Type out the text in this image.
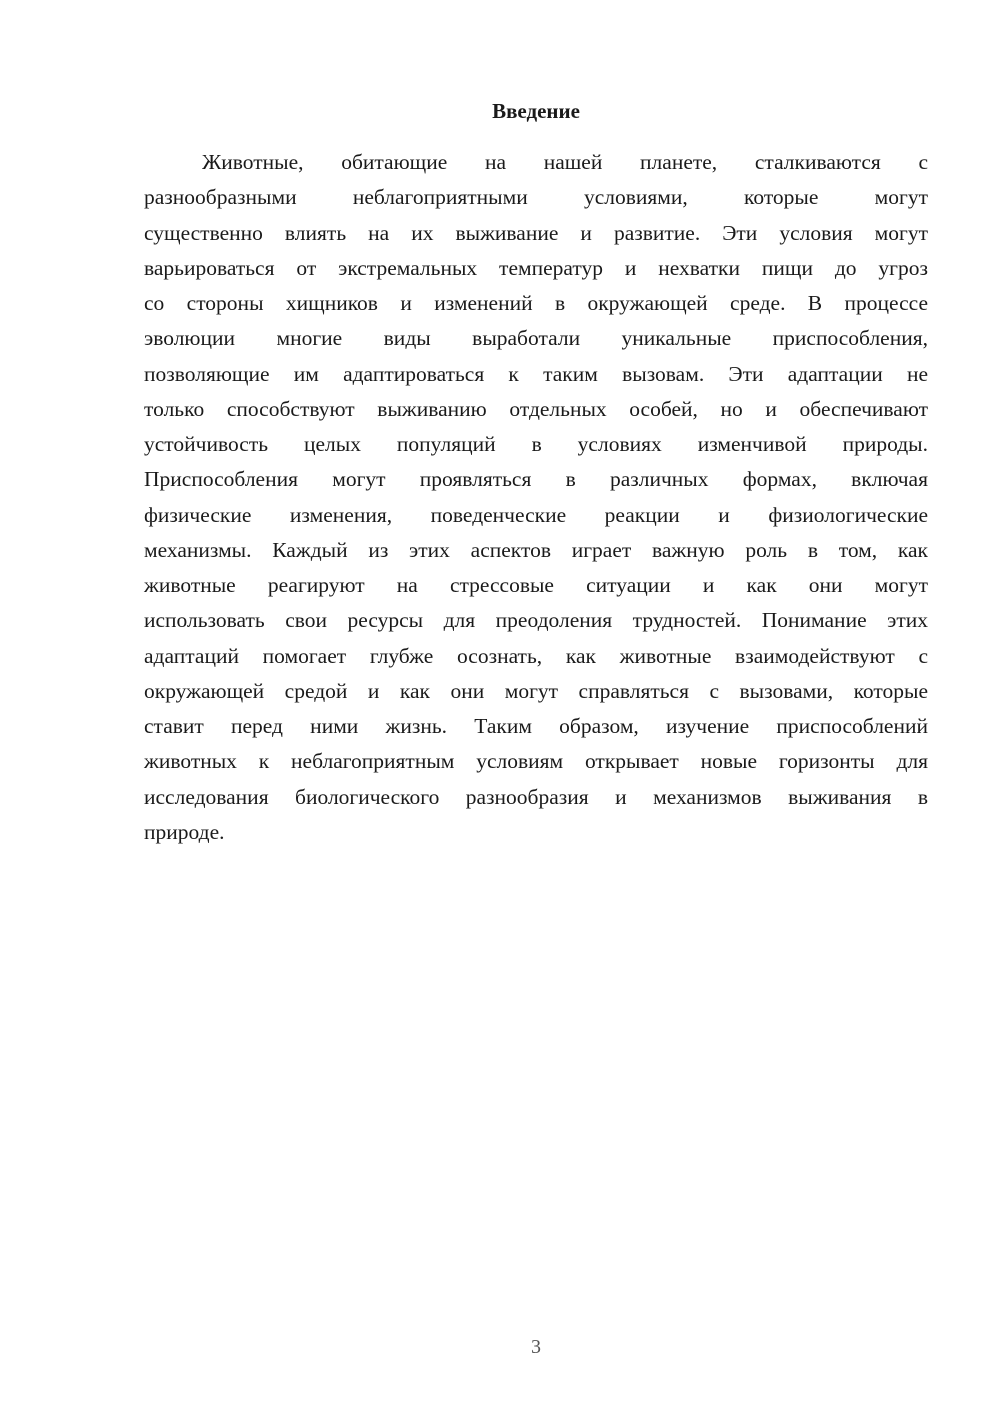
Введение
Животные, обитающие на нашей планете, сталкиваются с
разнообразными неблагоприятными условиями, которые могут
существенно влиять на их выживание и развитие. Эти условия могут
варьироваться от экстремальных температур и нехватки пищи до угроз
со стороны хищников и изменений в окружающей среде. В процессе
эволюции многие виды выработали уникальные приспособления,
позволяющие им адаптироваться к таким вызовам. Эти адаптации не
только способствуют выживанию отдельных особей, но и обеспечивают
устойчивость целых популяций в условиях изменчивой природы.
Приспособления могут проявляться в различных формах, включая
физические изменения, поведенческие реакции и физиологические
механизмы. Каждый из этих аспектов играет важную роль в том, как
животные реагируют на стрессовые ситуации и как они могут
использовать свои ресурсы для преодоления трудностей. Понимание этих
адаптаций помогает глубже осознать, как животные взаимодействуют с
окружающей средой и как они могут справляться с вызовами, которые
ставит перед ними жизнь. Таким образом, изучение приспособлений
животных к неблагоприятным условиям открывает новые горизонты для
исследования биологического разнообразия и механизмов выживания в
природе.
3
